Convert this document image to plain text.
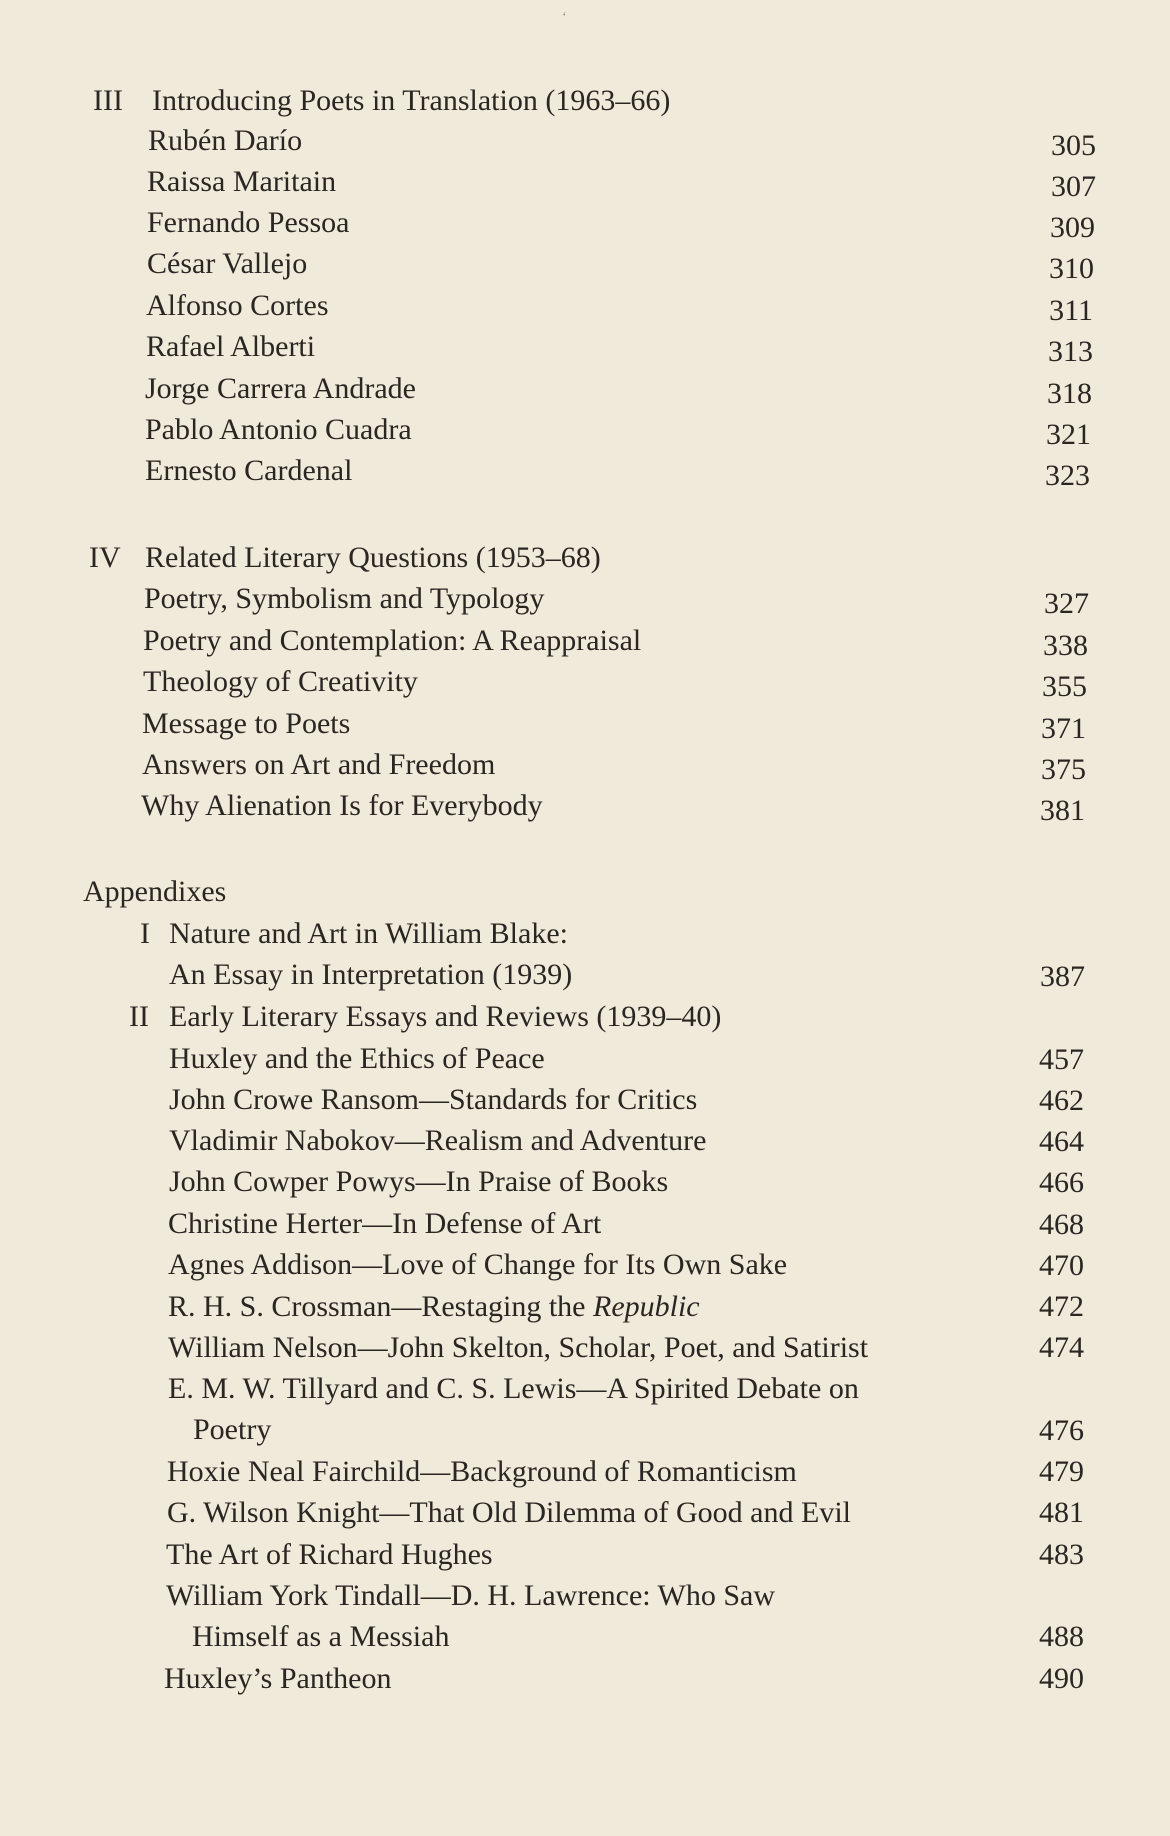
ʻ
III Introducing Poets in Translation (1963–66)
Rubén Darío	305
Raissa Maritain	307
Fernando Pessoa	309
César Vallejo	310
Alfonso Cortes	311
Rafael Alberti	313
Jorge Carrera Andrade	318
Pablo Antonio Cuadra	321
Ernesto Cardenal	323
IV Related Literary Questions (1953–68)
Poetry, Symbolism and Typology	327
Poetry and Contemplation: A Reappraisal	338
Theology of Creativity	355
Message to Poets	371
Answers on Art and Freedom	375
Why Alienation Is for Everybody	381
Appendixes
I Nature and Art in William Blake:
An Essay in Interpretation (1939)	387
II Early Literary Essays and Reviews (1939–40)
Huxley and the Ethics of Peace	457
John Crowe Ransom—Standards for Critics	462
Vladimir Nabokov—Realism and Adventure	464
John Cowper Powys—In Praise of Books	466
Christine Herter—In Defense of Art	468
Agnes Addison—Love of Change for Its Own Sake	470
R. H. S. Crossman—Restaging the Republic	472
William Nelson—John Skelton, Scholar, Poet, and Satirist	474
E. M. W. Tillyard and C. S. Lewis—A Spirited Debate on
Poetry	476
Hoxie Neal Fairchild—Background of Romanticism	479
G. Wilson Knight—That Old Dilemma of Good and Evil	481
The Art of Richard Hughes	483
William York Tindall—D. H. Lawrence: Who Saw
Himself as a Messiah	488
Huxley’s Pantheon	490
